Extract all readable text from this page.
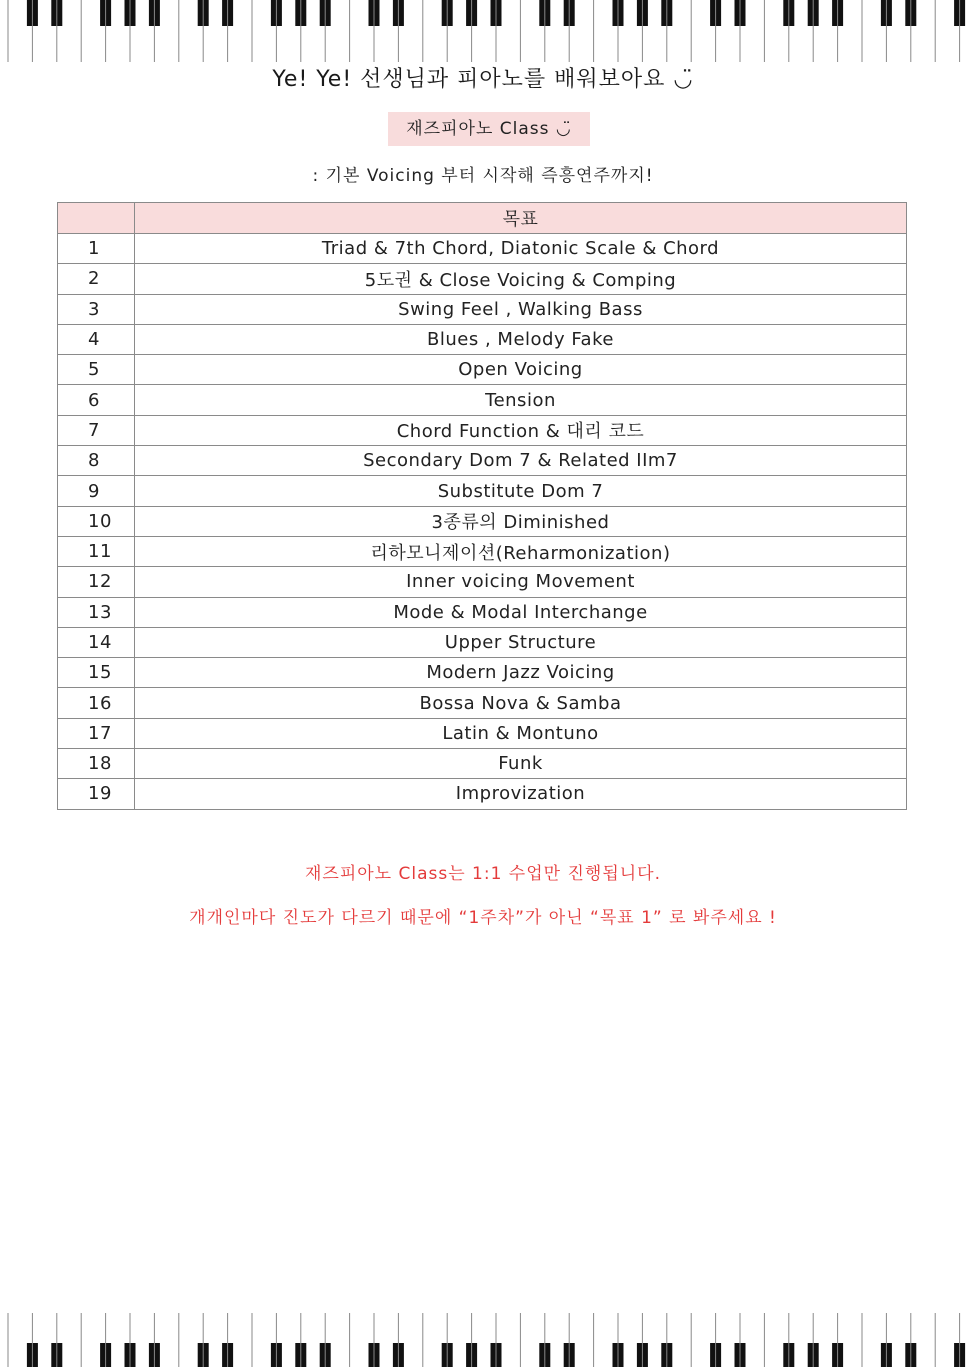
Ye! Ye! 선생님과 피아노를 배워보아요 ◡̈
재즈피아노 Class ◡̈
: 기본 Voicing 부터 시작해 즉흥연주까지!
	목표
1	Triad & 7th Chord, Diatonic Scale & Chord
2	5도권 & Close Voicing & Comping
3	Swing Feel , Walking Bass
4	Blues , Melody Fake
5	Open Voicing
6	Tension
7	Chord Function & 대리 코드
8	Secondary Dom 7 & Related IIm7
9	Substitute Dom 7
10	3종류의 Diminished
11	리하모니제이션(Reharmonization)
12	Inner voicing Movement
13	Mode & Modal Interchange
14	Upper Structure
15	Modern Jazz Voicing
16	Bossa Nova & Samba
17	Latin & Montuno
18	Funk
19	Improvization
재즈피아노 Class는 1:1 수업만 진행됩니다.
개개인마다 진도가 다르기 때문에 “1주차”가 아닌 “목표 1” 로 봐주세요 !
